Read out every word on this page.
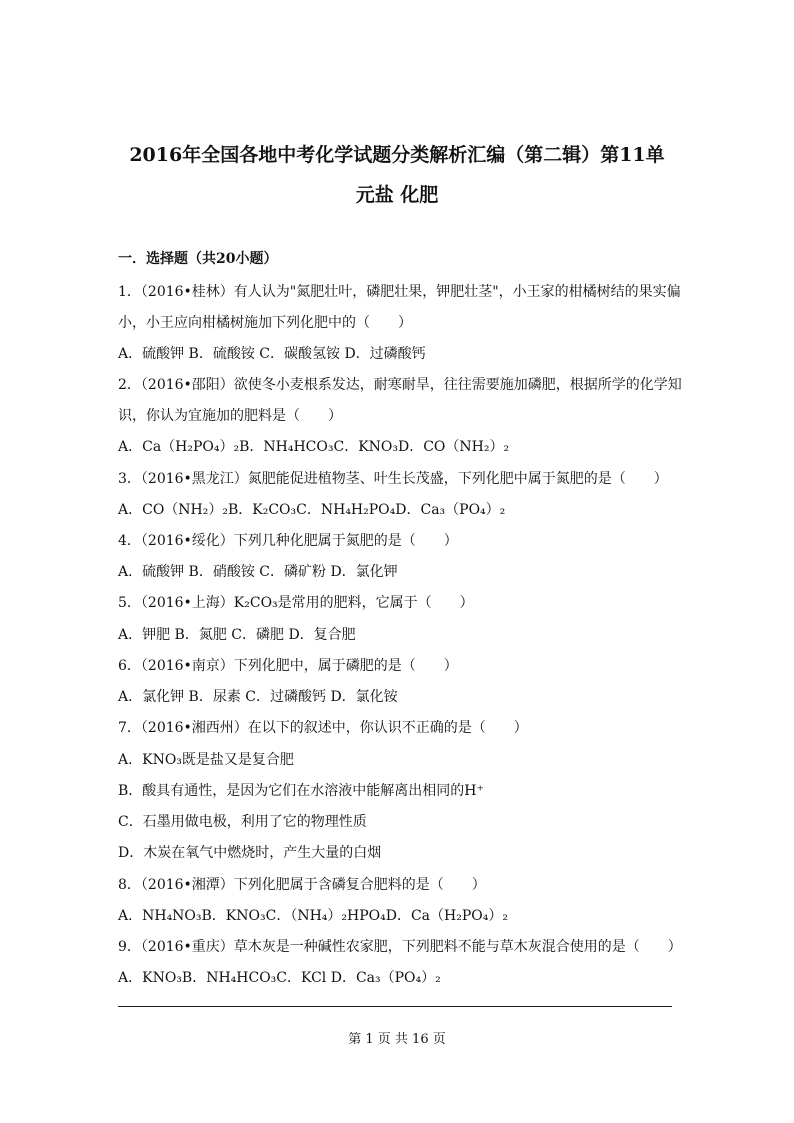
2016年全国各地中考化学试题分类解析汇编（第二辑）第11单
元盐 化肥
一．选择题（共20小题）
1．（2016•桂林）有人认为"氮肥壮叶，磷肥壮果，钾肥壮茎"，小王家的柑橘树结的果实偏
小，小王应向柑橘树施加下列化肥中的（　　）
A．硫酸钾 B．硫酸铵 C．碳酸氢铵 D．过磷酸钙
2．（2016•邵阳）欲使冬小麦根系发达，耐寒耐旱，往往需要施加磷肥，根据所学的化学知
识，你认为宜施加的肥料是（　　）
A．Ca（H₂PO₄）₂B．NH₄HCO₃C．KNO₃D．CO（NH₂）₂
3．（2016•黑龙江）氮肥能促进植物茎、叶生长茂盛，下列化肥中属于氮肥的是（　　）
A．CO（NH₂）₂B．K₂CO₃C．NH₄H₂PO₄D．Ca₃（PO₄）₂
4．（2016•绥化）下列几种化肥属于氮肥的是（　　）
A．硫酸钾 B．硝酸铵 C．磷矿粉 D．氯化钾
5．（2016•上海）K₂CO₃是常用的肥料，它属于（　　）
A．钾肥 B．氮肥 C．磷肥 D．复合肥
6．（2016•南京）下列化肥中，属于磷肥的是（　　）
A．氯化钾 B．尿素 C．过磷酸钙 D．氯化铵
7．（2016•湘西州）在以下的叙述中，你认识不正确的是（　　）
A．KNO₃既是盐又是复合肥
B．酸具有通性，是因为它们在水溶液中能解离出相同的H⁺
C．石墨用做电极，利用了它的物理性质
D．木炭在氧气中燃烧时，产生大量的白烟
8．（2016•湘潭）下列化肥属于含磷复合肥料的是（　　）
A．NH₄NO₃B．KNO₃C．（NH₄）₂HPO₄D．Ca（H₂PO₄）₂
9．（2016•重庆）草木灰是一种碱性农家肥，下列肥料不能与草木灰混合使用的是（　　）
A．KNO₃B．NH₄HCO₃C．KCl D．Ca₃（PO₄）₂
第 1 页 共 16 页
